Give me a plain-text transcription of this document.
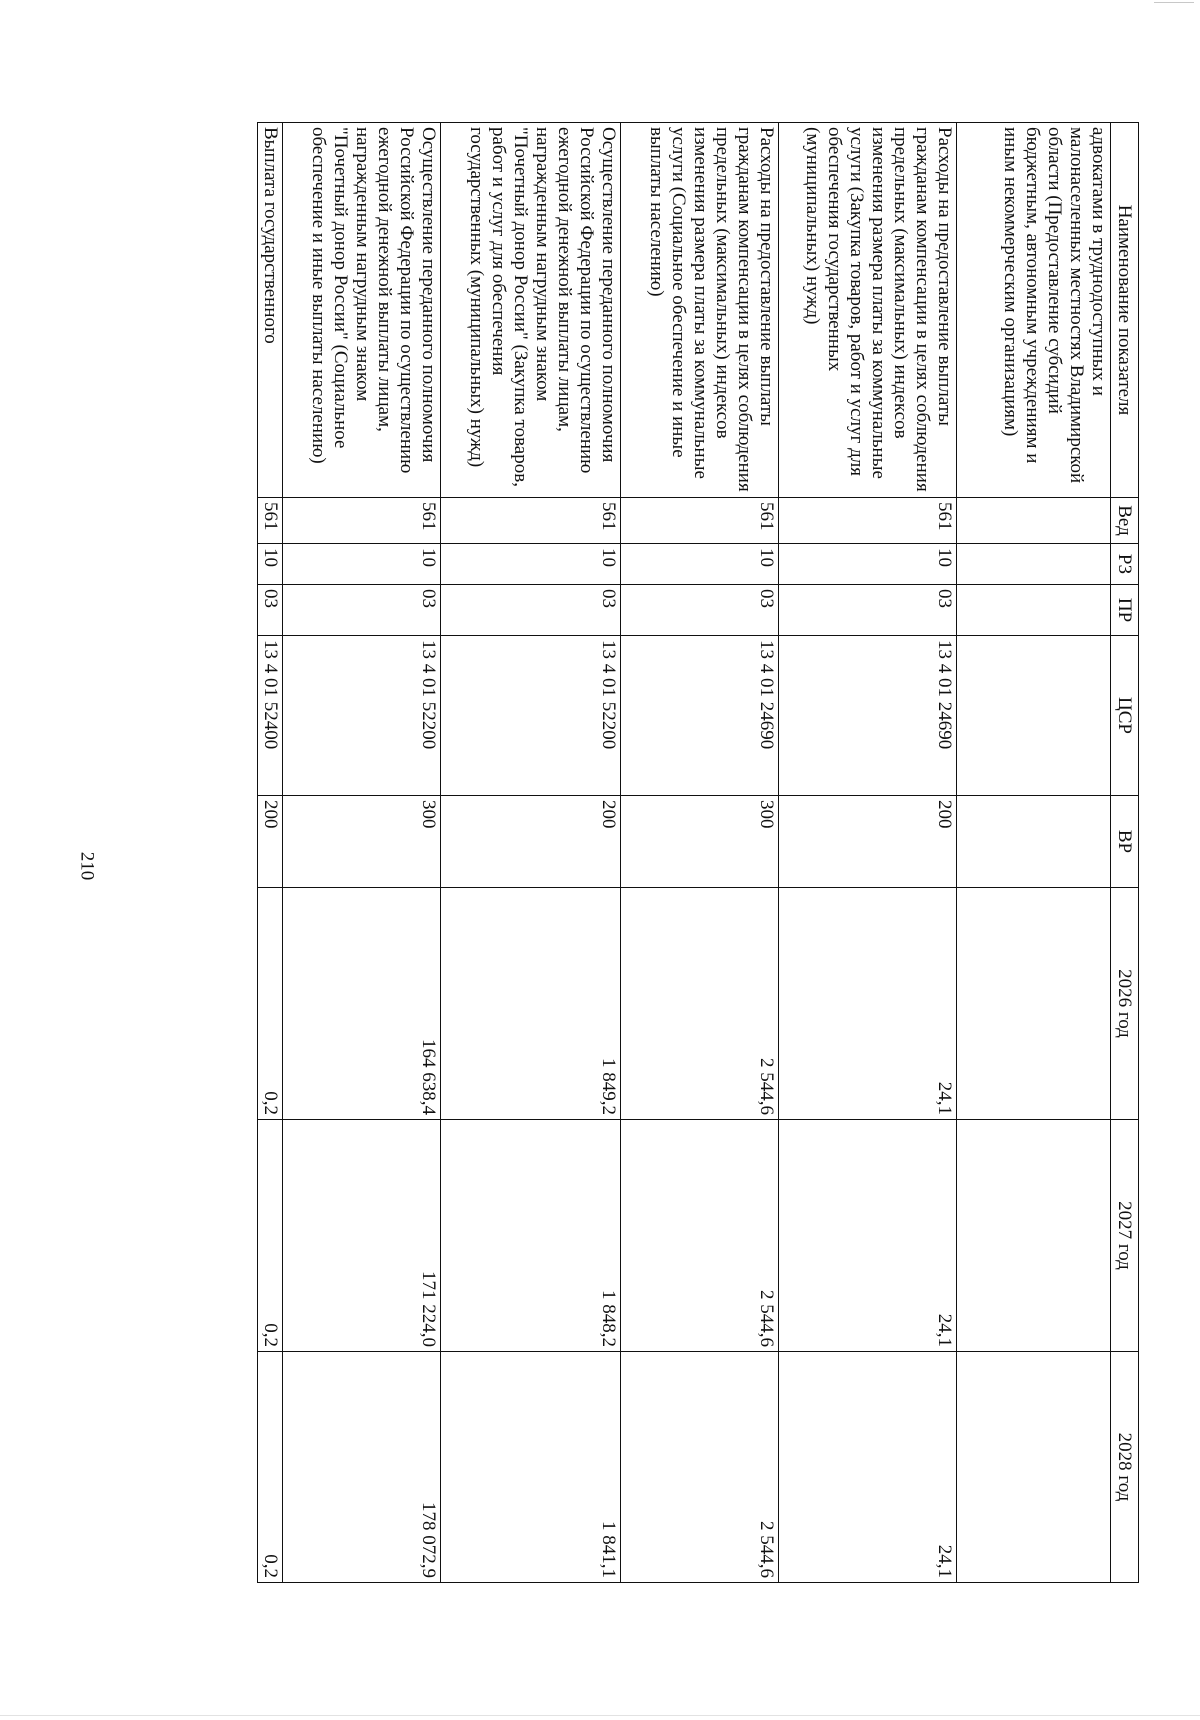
210
Наименование показателя	Вед	РЗ	ПР	ЦСР	ВР	2026 год	2027 год	2028 год
адвокатами в труднодоступных и малонаселенных местностях Владимирской области (Предоставление субсидий бюджетным, автономным учреждениям и иным некоммерческим организациям)								
Расходы на предоставление выплаты гражданам компенсации в целях соблюдения предельных (максимальных) индексов изменения размера платы за коммунальные услуги (Закупка товаров, работ и услуг для обеспечения государственных (муниципальных) нужд)	561	10	03	13 4 01 24690	200	24,1	24,1	24,1
Расходы на предоставление выплаты гражданам компенсации в целях соблюдения предельных (максимальных) индексов изменения размера платы за коммунальные услуги (Социальное обеспечение и иные выплаты населению)	561	10	03	13 4 01 24690	300	2 544,6	2 544,6	2 544,6
Осуществление переданного полномочия Российской Федерации по осуществлению ежегодной денежной выплаты лицам, награжденным нагрудным знаком "Почетный донор России" (Закупка товаров, работ и услуг для обеспечения государственных (муниципальных) нужд)	561	10	03	13 4 01 52200	200	1 849,2	1 848,2	1 841,1
Осуществление переданного полномочия Российской Федерации по осуществлению ежегодной денежной выплаты лицам, награжденным нагрудным знаком "Почетный донор России" (Социальное обеспечение и иные выплаты населению)	561	10	03	13 4 01 52200	300	164 638,4	171 224,0	178 072,9
Выплата государственного	561	10	03	13 4 01 52400	200	0,2	0,2	0,2
